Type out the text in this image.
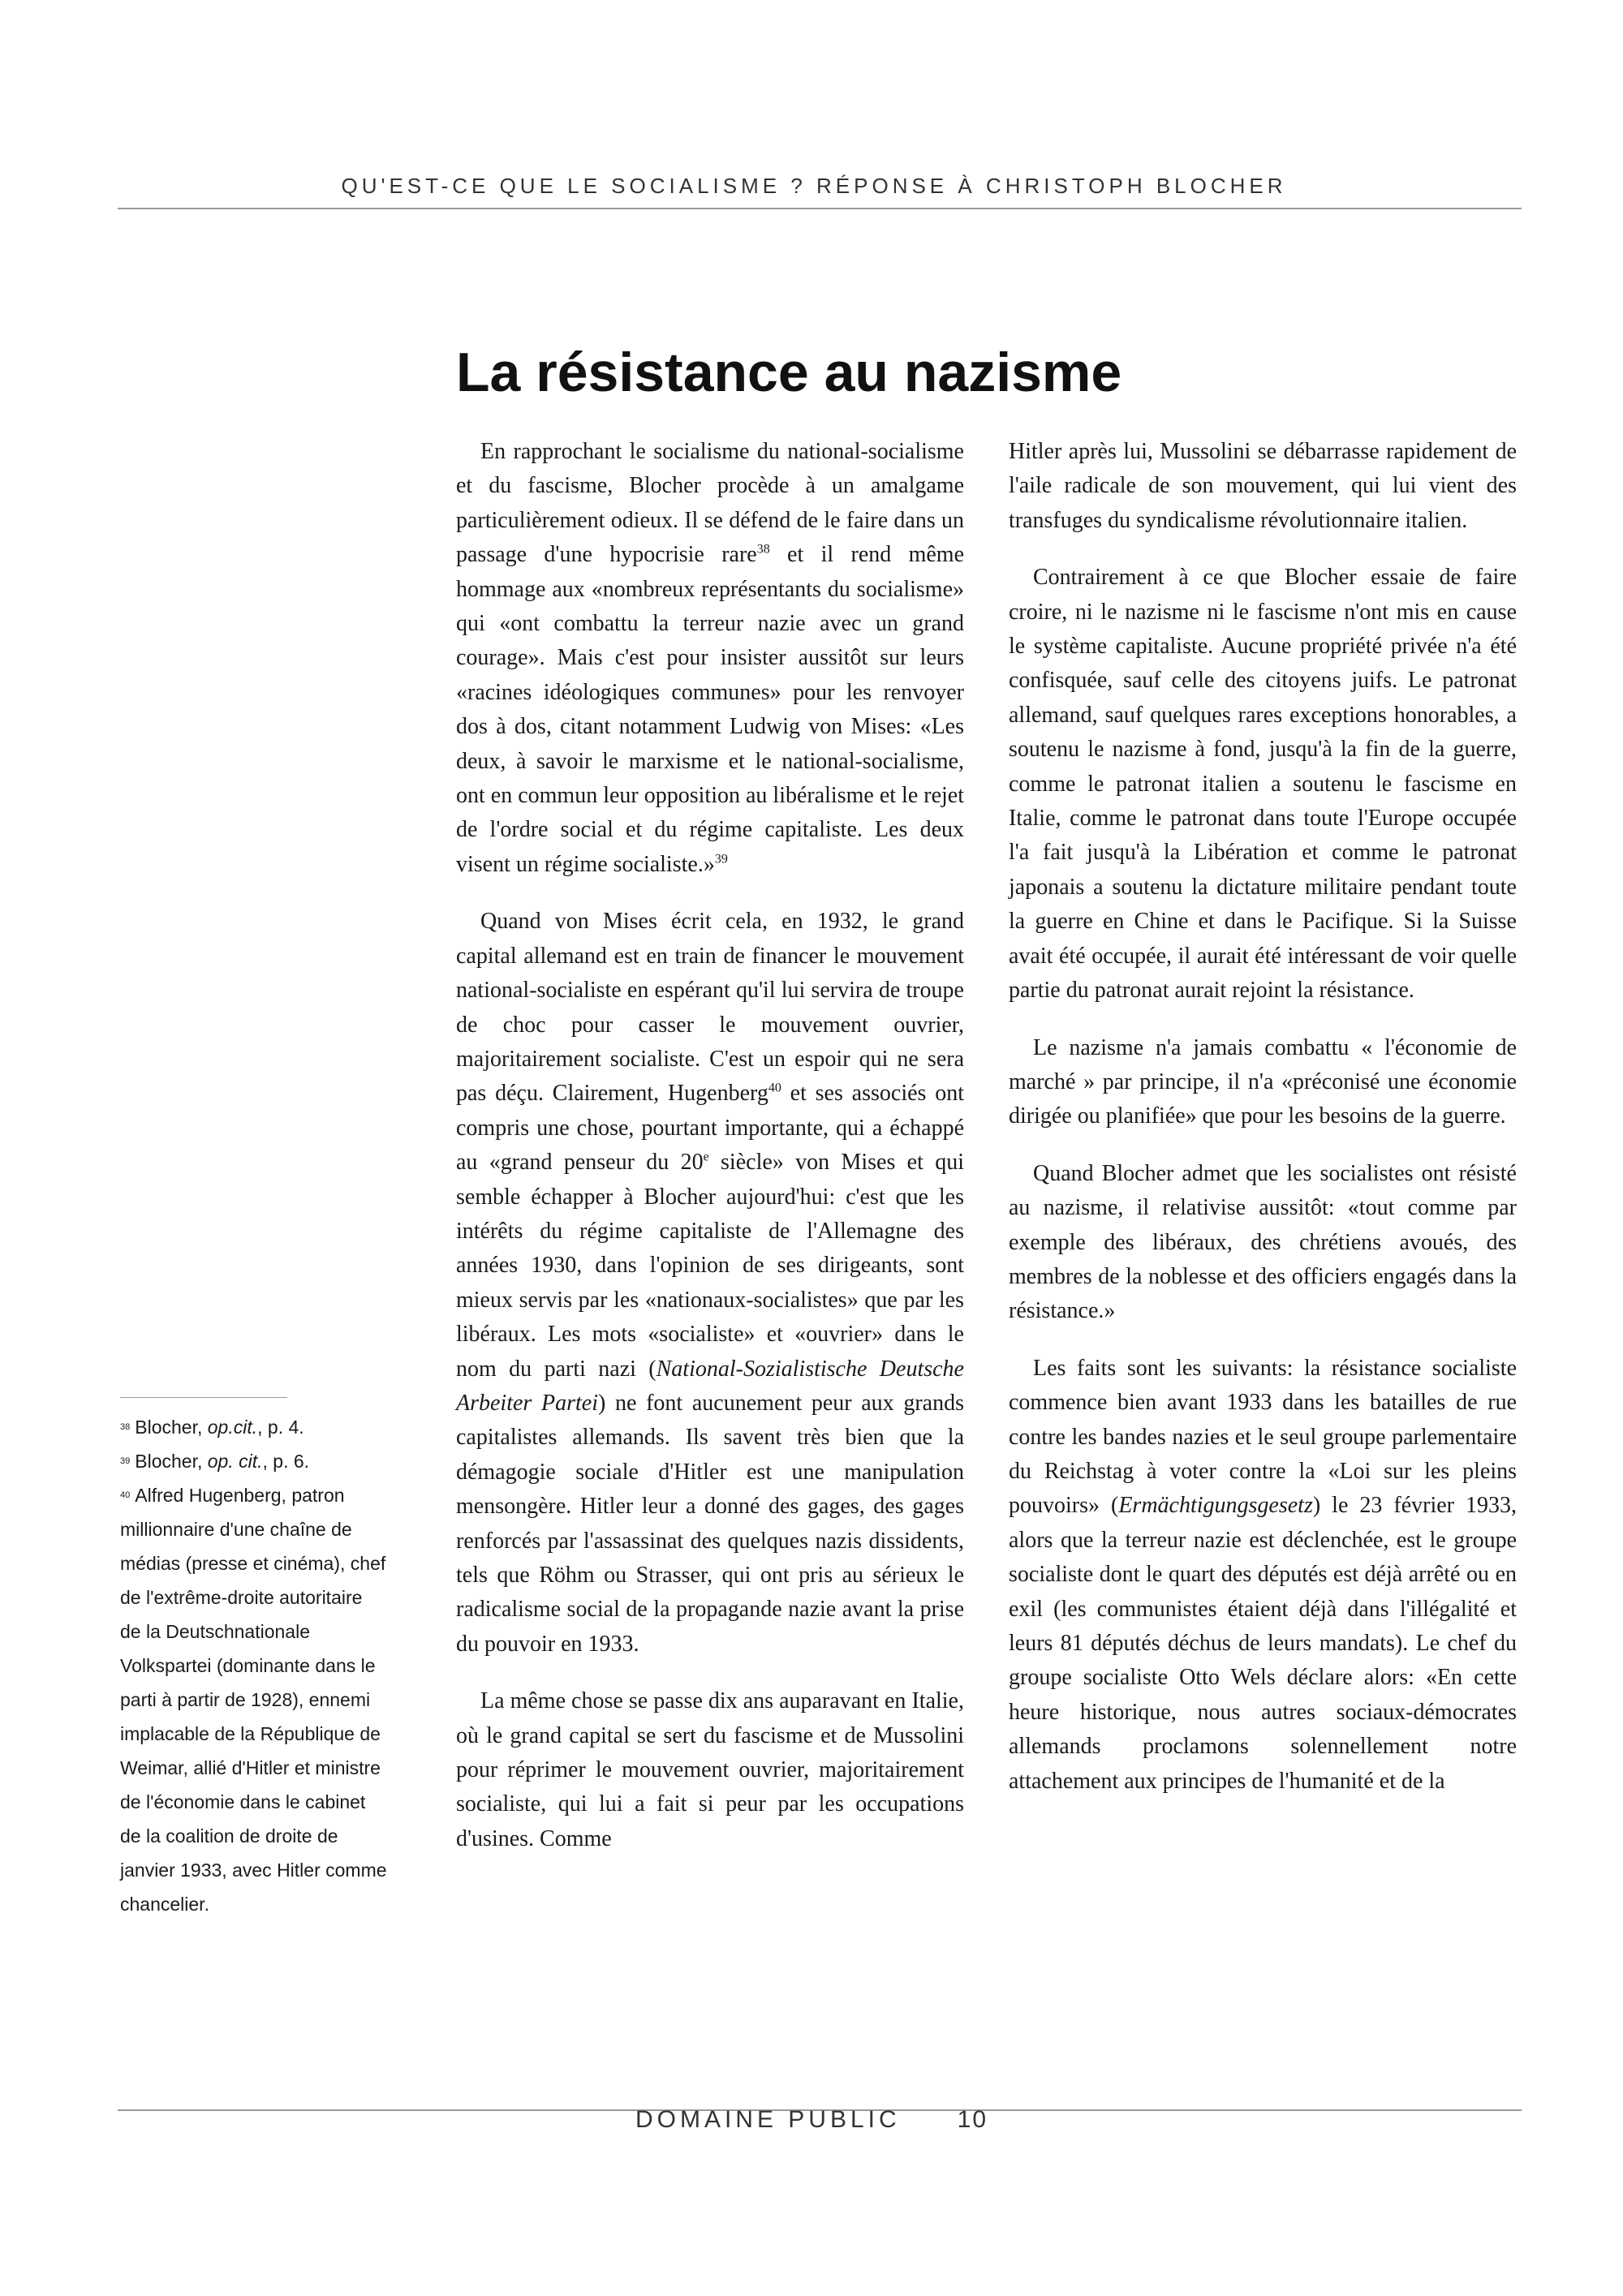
QU'EST-CE QUE LE SOCIALISME ? RÉPONSE À CHRISTOPH BLOCHER
La résistance au nazisme

En rapprochant le socialisme du national-socialisme et du fascisme, Blocher procède à un amalgame particulièrement odieux. Il se défend de le faire dans un passage d'une hypocrisie rare$^{38}$ et il rend même hommage aux «nombreux représentants du socialisme» qui «ont combattu la terreur nazie avec un grand courage». Mais c'est pour insister aussitôt sur leurs «racines idéologiques communes» pour les renvoyer dos à dos, citant notamment Ludwig von Mises: «Les deux, à savoir le marxisme et le national-socialisme, ont en commun leur opposition au libéralisme et le rejet de l'ordre social et du régime capitaliste. Les deux visent un régime socialiste.»$^{39}$

Quand von Mises écrit cela, en 1932, le grand capital allemand est en train de financer le mouvement national-socialiste en espérant qu'il lui servira de troupe de choc pour casser le mouvement ouvrier, majoritairement socialiste. C'est un espoir qui ne sera pas déçu. Clairement, Hugenberg$^{40}$ et ses associés ont compris une chose, pourtant importante, qui a échappé au «grand penseur du 20e siècle» von Mises et qui semble échapper à Blocher aujourd'hui: c'est que les intérêts du régime capitaliste de l'Allemagne des années 1930, dans l'opinion de ses dirigeants, sont mieux servis par les «nationaux-socialistes» que par les libéraux. Les mots «socialiste» et «ouvrier» dans le nom du parti nazi (National-Sozialistische Deutsche Arbeiter Partei) ne font aucunement peur aux grands capitalistes allemands. Ils savent très bien que la démagogie sociale d'Hitler est une manipulation mensongère. Hitler leur a donné des gages, des gages renforcés par l'assassinat des quelques nazis dissidents, tels que Röhm ou Strasser, qui ont pris au sérieux le radicalisme social de la propagande nazie avant la prise du pouvoir en 1933.

La même chose se passe dix ans auparavant en Italie, où le grand capital se sert du fascisme et de Mussolini pour réprimer le mouvement ouvrier, majoritairement socialiste, qui lui a fait si peur par les occupations d'usines. Comme

Hitler après lui, Mussolini se débarrasse rapidement de l'aile radicale de son mouvement, qui lui vient des transfuges du syndicalisme révolutionnaire italien.

Contrairement à ce que Blocher essaie de faire croire, ni le nazisme ni le fascisme n'ont mis en cause le système capitaliste. Aucune propriété privée n'a été confisquée, sauf celle des citoyens juifs. Le patronat allemand, sauf quelques rares exceptions honorables, a soutenu le nazisme à fond, jusqu'à la fin de la guerre, comme le patronat italien a soutenu le fascisme en Italie, comme le patronat dans toute l'Europe occupée l'a fait jusqu'à la Libération et comme le patronat japonais a soutenu la dictature militaire pendant toute la guerre en Chine et dans le Pacifique. Si la Suisse avait été occupée, il aurait été intéressant de voir quelle partie du patronat aurait rejoint la résistance.

Le nazisme n'a jamais combattu « l'économie de marché » par principe, il n'a «préconisé une économie dirigée ou planifiée» que pour les besoins de la guerre.

Quand Blocher admet que les socialistes ont résisté au nazisme, il relativise aussitôt: «tout comme par exemple des libéraux, des chrétiens avoués, des membres de la noblesse et des officiers engagés dans la résistance.»

Les faits sont les suivants: la résistance socialiste commence bien avant 1933 dans les batailles de rue contre les bandes nazies et le seul groupe parlementaire du Reichstag à voter contre la «Loi sur les pleins pouvoirs» (Ermächtigungsgesetz) le 23 février 1933, alors que la terreur nazie est déclenchée, est le groupe socialiste dont le quart des députés est déjà arrêté ou en exil (les communistes étaient déjà dans l'illégalité et leurs 81 députés déchus de leurs mandats). Le chef du groupe socialiste Otto Wels déclare alors: «En cette heure historique, nous autres sociaux-démocrates allemands proclamons solennellement notre attachement aux principes de l'humanité et de la

$^{38}$ Blocher, op.cit., p. 4.

$^{39}$ Blocher, op. cit., p. 6.

$^{40}$ Alfred Hugenberg, patron millionnaire d'une chaîne de médias (presse et cinéma), chef de l'extrême-droite autoritaire de la Deutschnationale Volkspartei (dominante dans le parti à partir de 1928), ennemi implacable de la République de Weimar, allié d'Hitler et ministre de l'économie dans le cabinet de la coalition de droite de janvier 1933, avec Hitler comme chancelier.

DOMAINE PUBLIC 10
